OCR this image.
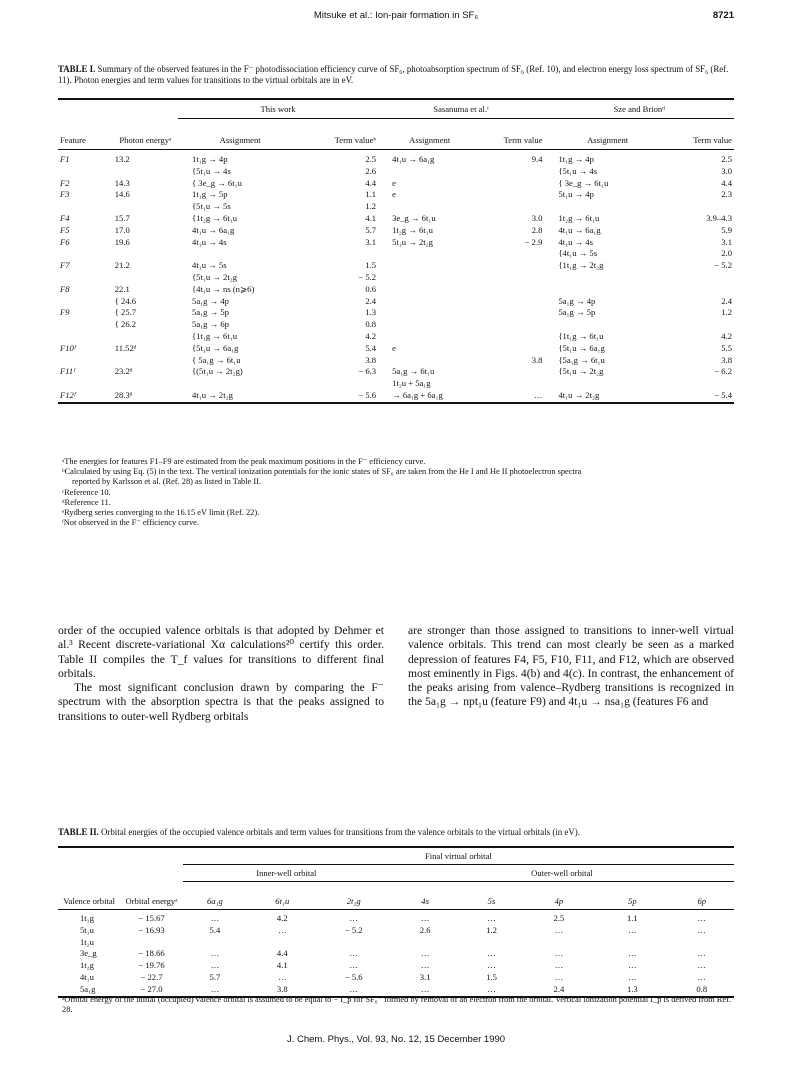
Mitsuke et al.: Ion-pair formation in SF₆	8721
TABLE I. Summary of the observed features in the F⁻ photodissociation efficiency curve of SF₆, photoabsorption spectrum of SF₆ (Ref. 10), and electron energy loss spectrum of SF₆ (Ref. 11). Photon energies and term values for transitions to the virtual orbitals are in eV.
		This work		Sasanuma et al.ᶜ		Sze and Brionᵈ	
Feature	Photon energyᵃ	Assignment	Term valueᵇ	Assignment	Term value	Assignment	Term value

F1	13.2	1t₁g → 4p	2.5	4t₁u → 6a₁g	9.4	1t₁g → 4p	2.5
		{5t₁u → 4s	2.6			{5t₁u → 4s	3.0
F2	14.3	{ 3e_g → 6t₁u	4.4	e		{ 3e_g → 6t₁u	4.4
F3	14.6	1t₁g → 5p	1.1	e		5t₁u → 4p	2.3
		{5t₁u → 5s	1.2				
F4	15.7	{1t₂g → 6t₁u	4.1	3e_g → 6t₁u	3.0	1t₂g → 6t₁u	3.9–4.3
F5	17.0	4t₁u → 6a₁g	5.7	1t₂g → 6t₁u	2.8	4t₁u → 6a₁g	5.9
F6	19.6	4t₁u → 4s	3.1	5t₁u → 2t₂g	− 2.9	4t₁u → 4s	3.1
						{4t₁u → 5s	2.0
F7	21.2	4t₁u → 5s	1.5			{1t₁g → 2t₂g	− 5.2
		{5t₁u → 2t₂g	− 5.2				
F8	22.1	{4t₁u → ns (n⩾6)	0.6				
	{ 24.6	5a₁g → 4p	2.4			5a₁g → 4p	2.4
F9	{ 25.7	5a₁g → 5p	1.3			5a₁g → 5p	1.2
	{ 26.2	5a₁g → 6p	0.8				
		{1t₁g → 6t₁u	4.2			{1t₁g → 6t₁u	4.2
F10ᶠ	11.52ᵈ	{5t₁u → 6a₁g	5.4	e		{5t₁u → 6a₁g	5.5
		{ 5a₁g → 6t₁u	3.8		3.8	{5a₁g → 6t₁u	3.8
F11ᶠ	23.2ᵈ	{(5t₁u → 2t₂g)	− 6.3	5a₁g → 6t₁u		{5t₁u → 2t₂g	− 6.2
				1t₂u + 5a₁g			
F12ᶠ	28.3ᵈ	4t₁u → 2t₂g	− 5.6	→ 6a₁g + 6a₁g	…	4t₁u → 2t₂g	− 5.4

ᵃThe energies for features F1–F9 are estimated from the peak maximum positions in the F⁻ efficiency curve.
ᵇCalculated by using Eq. (5) in the text. The vertical ionization potentials for the ionic states of SF₆ are taken from the He I and He II photoelectron spectra
reported by Karlsson et al. (Ref. 28) as listed in Table II.
ᶜReference 10.
ᵈReference 11.
ᵉRydberg series converging to the 16.15 eV limit (Ref. 22).
ᶠNot observed in the F⁻ efficiency curve.

order of the occupied valence orbitals is that adopted by Dehmer et al.³ Recent discrete-variational Xα calculations²⁰ certify this order. Table II compiles the T_f values for transitions to different final orbitals.

The most significant conclusion drawn by comparing the F⁻ spectrum with the absorption spectra is that the peaks assigned to transitions to outer-well Rydberg orbitals

are stronger than those assigned to transitions to inner-well virtual valence orbitals. This trend can most clearly be seen as a marked depression of features F4, F5, F10, F11, and F12, which are observed most eminently in Figs. 4(b) and 4(c). In contrast, the enhancement of the peaks arising from valence–Rydberg transitions is recognized in the 5a₁g → npt₁u (feature F9) and 4t₁u → nsa₁g (features F6 and

TABLE II. Orbital energies of the occupied valence orbitals and term values for transitions from the valence orbitals to the virtual orbitals (in eV).
		Final virtual orbital							
		Inner-well orbital			Outer-well orbital				
Valence orbital	Orbital energyᵃ	6a₁g	6t₁u	2t₂g	4s	5s	4p	5p	6p

1t₁g	− 15.67	…	4.2	…	…	…	2.5	1.1	…
5t₁u	− 16.93	5.4	…	− 5.2	2.6	1.2	…	…	…
1t₂u									
3e_g	− 18.66	…	4.4	…	…	…	…	…	…
1t₂g	− 19.76	…	4.1	…	…	…	…	…	…
4t₁u	− 22.7	5.7	…	− 5.6	3.1	1.5	…	…	…
5a₁g	− 27.0	…	3.8	…	…	…	2.4	1.3	0.8

ᵃOrbital energy of the initial (occupied) valence orbital is assumed to be equal to − I_p for SF₆⁺ formed by removal of an electron from the orbital. Vertical ionization potential I_p is derived from Ref. 28.
J. Chem. Phys., Vol. 93, No. 12, 15 December 1990
